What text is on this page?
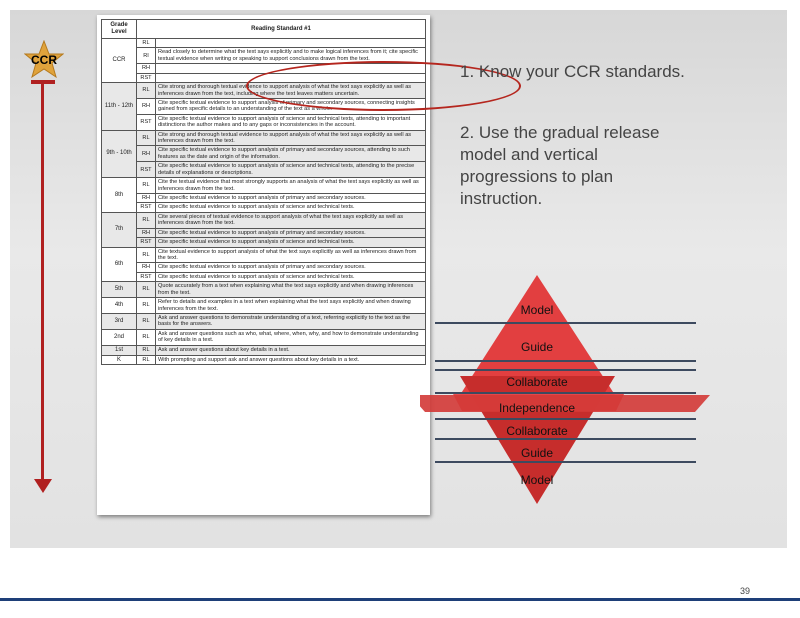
CCR
Grade Level	Reading Standard #1	
CCR	RL	
	RI	Read closely to determine what the text says explicitly and to make logical inferences from it; cite specific textual evidence when writing or speaking to support conclusions drawn from the text.
	RH	
	RST	
11th - 12th	RL	Cite strong and thorough textual evidence to support analysis of what the text says explicitly as well as inferences drawn from the text, including where the text leaves matters uncertain.
	RH	Cite specific textual evidence to support analysis of primary and secondary sources, connecting insights gained from specific details to an understanding of the text as a whole.
	RST	Cite specific textual evidence to support analysis of science and technical texts, attending to important distinctions the author makes and to any gaps or inconsistencies in the account.
9th - 10th	RL	Cite strong and thorough textual evidence to support analysis of what the text says explicitly as well as inferences drawn from the text.
	RH	Cite specific textual evidence to support analysis of primary and secondary sources, attending to such features as the date and origin of the information.
	RST	Cite specific textual evidence to support analysis of science and technical texts, attending to the precise details of explanations or descriptions.
8th	RL	Cite the textual evidence that most strongly supports an analysis of what the text says explicitly as well as inferences drawn from the text.
	RH	Cite specific textual evidence to support analysis of primary and secondary sources.
	RST	Cite specific textual evidence to support analysis of science and technical texts.
7th	RL	Cite several pieces of textual evidence to support analysis of what the text says explicitly as well as inferences drawn from the text.
	RH	Cite specific textual evidence to support analysis of primary and secondary sources.
	RST	Cite specific textual evidence to support analysis of science and technical texts.
6th	RL	Cite textual evidence to support analysis of what the text says explicitly as well as inferences drawn from the text.
	RH	Cite specific textual evidence to support analysis of primary and secondary sources.
	RST	Cite specific textual evidence to support analysis of science and technical texts.
5th	RL	Quote accurately from a text when explaining what the text says explicitly and when drawing inferences from the text.
4th	RL	Refer to details and examples in a text when explaining what the text says explicitly and when drawing inferences from the text.
3rd	RL	Ask and answer questions to demonstrate understanding of a text, referring explicitly to the text as the basis for the answers.
2nd	RL	Ask and answer questions such as who, what, where, when, why, and how to demonstrate understanding of key details in a text.
1st	RL	Ask and answer questions about key details in a text.
K	RL	With prompting and support ask and answer questions about key details in a text.
1. Know your CCR standards.
2. Use the gradual release
model and vertical
progressions to plan
instruction.
Model
Guide
Collaborate
Independence
Collaborate
Guide
Model
39
